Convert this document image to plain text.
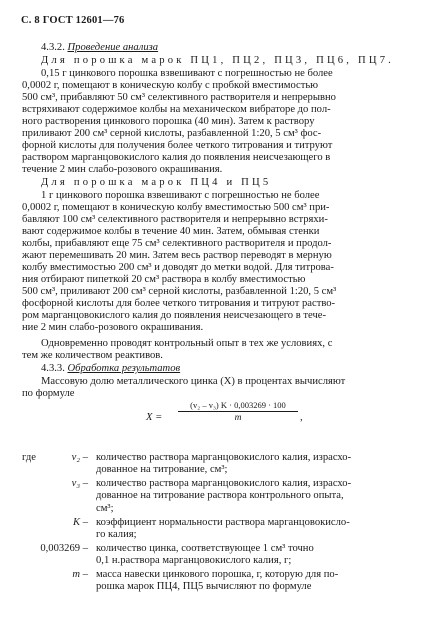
С. 8 ГОСТ 12601—76
4.3.2. Проведение анализа
Для порошка марок ПЦ1, ПЦ2, ПЦ3, ПЦ6, ПЦ7.
0,15 г цинкового порошка взвешивают с погрешностью не более
0,0002 г, помещают в коническую колбу с пробкой вместимостью
500 см³, прибавляют 50 см³ селективного растворителя и непрерывно
встряхивают содержимое колбы на механическом вибраторе до пол-
ного растворения цинкового порошка (40 мин). Затем к раствору
приливают 200 см³ серной кислоты, разбавленной 1:20, 5 см³ фос-
форной кислоты для получения более четкого титрования и титруют
раствором марганцовокислого калия до появления неисчезающего в
течение 2 мин слабо-розового окрашивания.
Для порошка марок ПЦ4 и ПЦ5
1 г цинкового порошка взвешивают с погрешностью не более
0,0002 г, помещают в коническую колбу вместимостью 500 см³ при-
бавляют 100 см³ селективного растворителя и непрерывно встряхи-
вают содержимое колбы в течение 40 мин. Затем, обмывая стенки
колбы, прибавляют еще 75 см³ селективного растворителя и продол-
жают перемешивать 20 мин. Затем весь раствор переводят в мерную
колбу вместимостью 200 см³ и доводят до метки водой. Для титрова-
ния отбирают пипеткой 20 см³ раствора в колбу вместимостью
500 см³, приливают 200 см³ серной кислоты, разбавленной 1:20, 5 см³
фосфорной кислоты для более четкого титрования и титруют раство-
ром марганцовокислого калия до появления неисчезающего в тече-
ние 2 мин слабо-розового окрашивания.
Одновременно проводят контрольный опыт в тех же условиях, с
тем же количеством реактивов.
4.3.3. Обработка результатов
Массовую долю металлического цинка (X) в процентах вычисляют
по формуле
X =
(v₂ – v₃) K · 0,003269 · 100
m	,
где	v₂ – количество раствора марганцовокислого калия, израсхо-
дованное на титрование, см³;
v₃ – количество раствора марганцовокислого калия, израсхо-
дованное на титрование раствора контрольного опыта,
см³;
K – коэффициент нормальности раствора марганцовокисло-
го калия;
0,003269 – количество цинка, соответствующее 1 см³ точно
0,1 н.раствора марганцовокислого калия, г;
m – масса навески цинкового порошка, г, которую для по-
рошка марок ПЦ4, ПЦ5 вычисляют по формуле
